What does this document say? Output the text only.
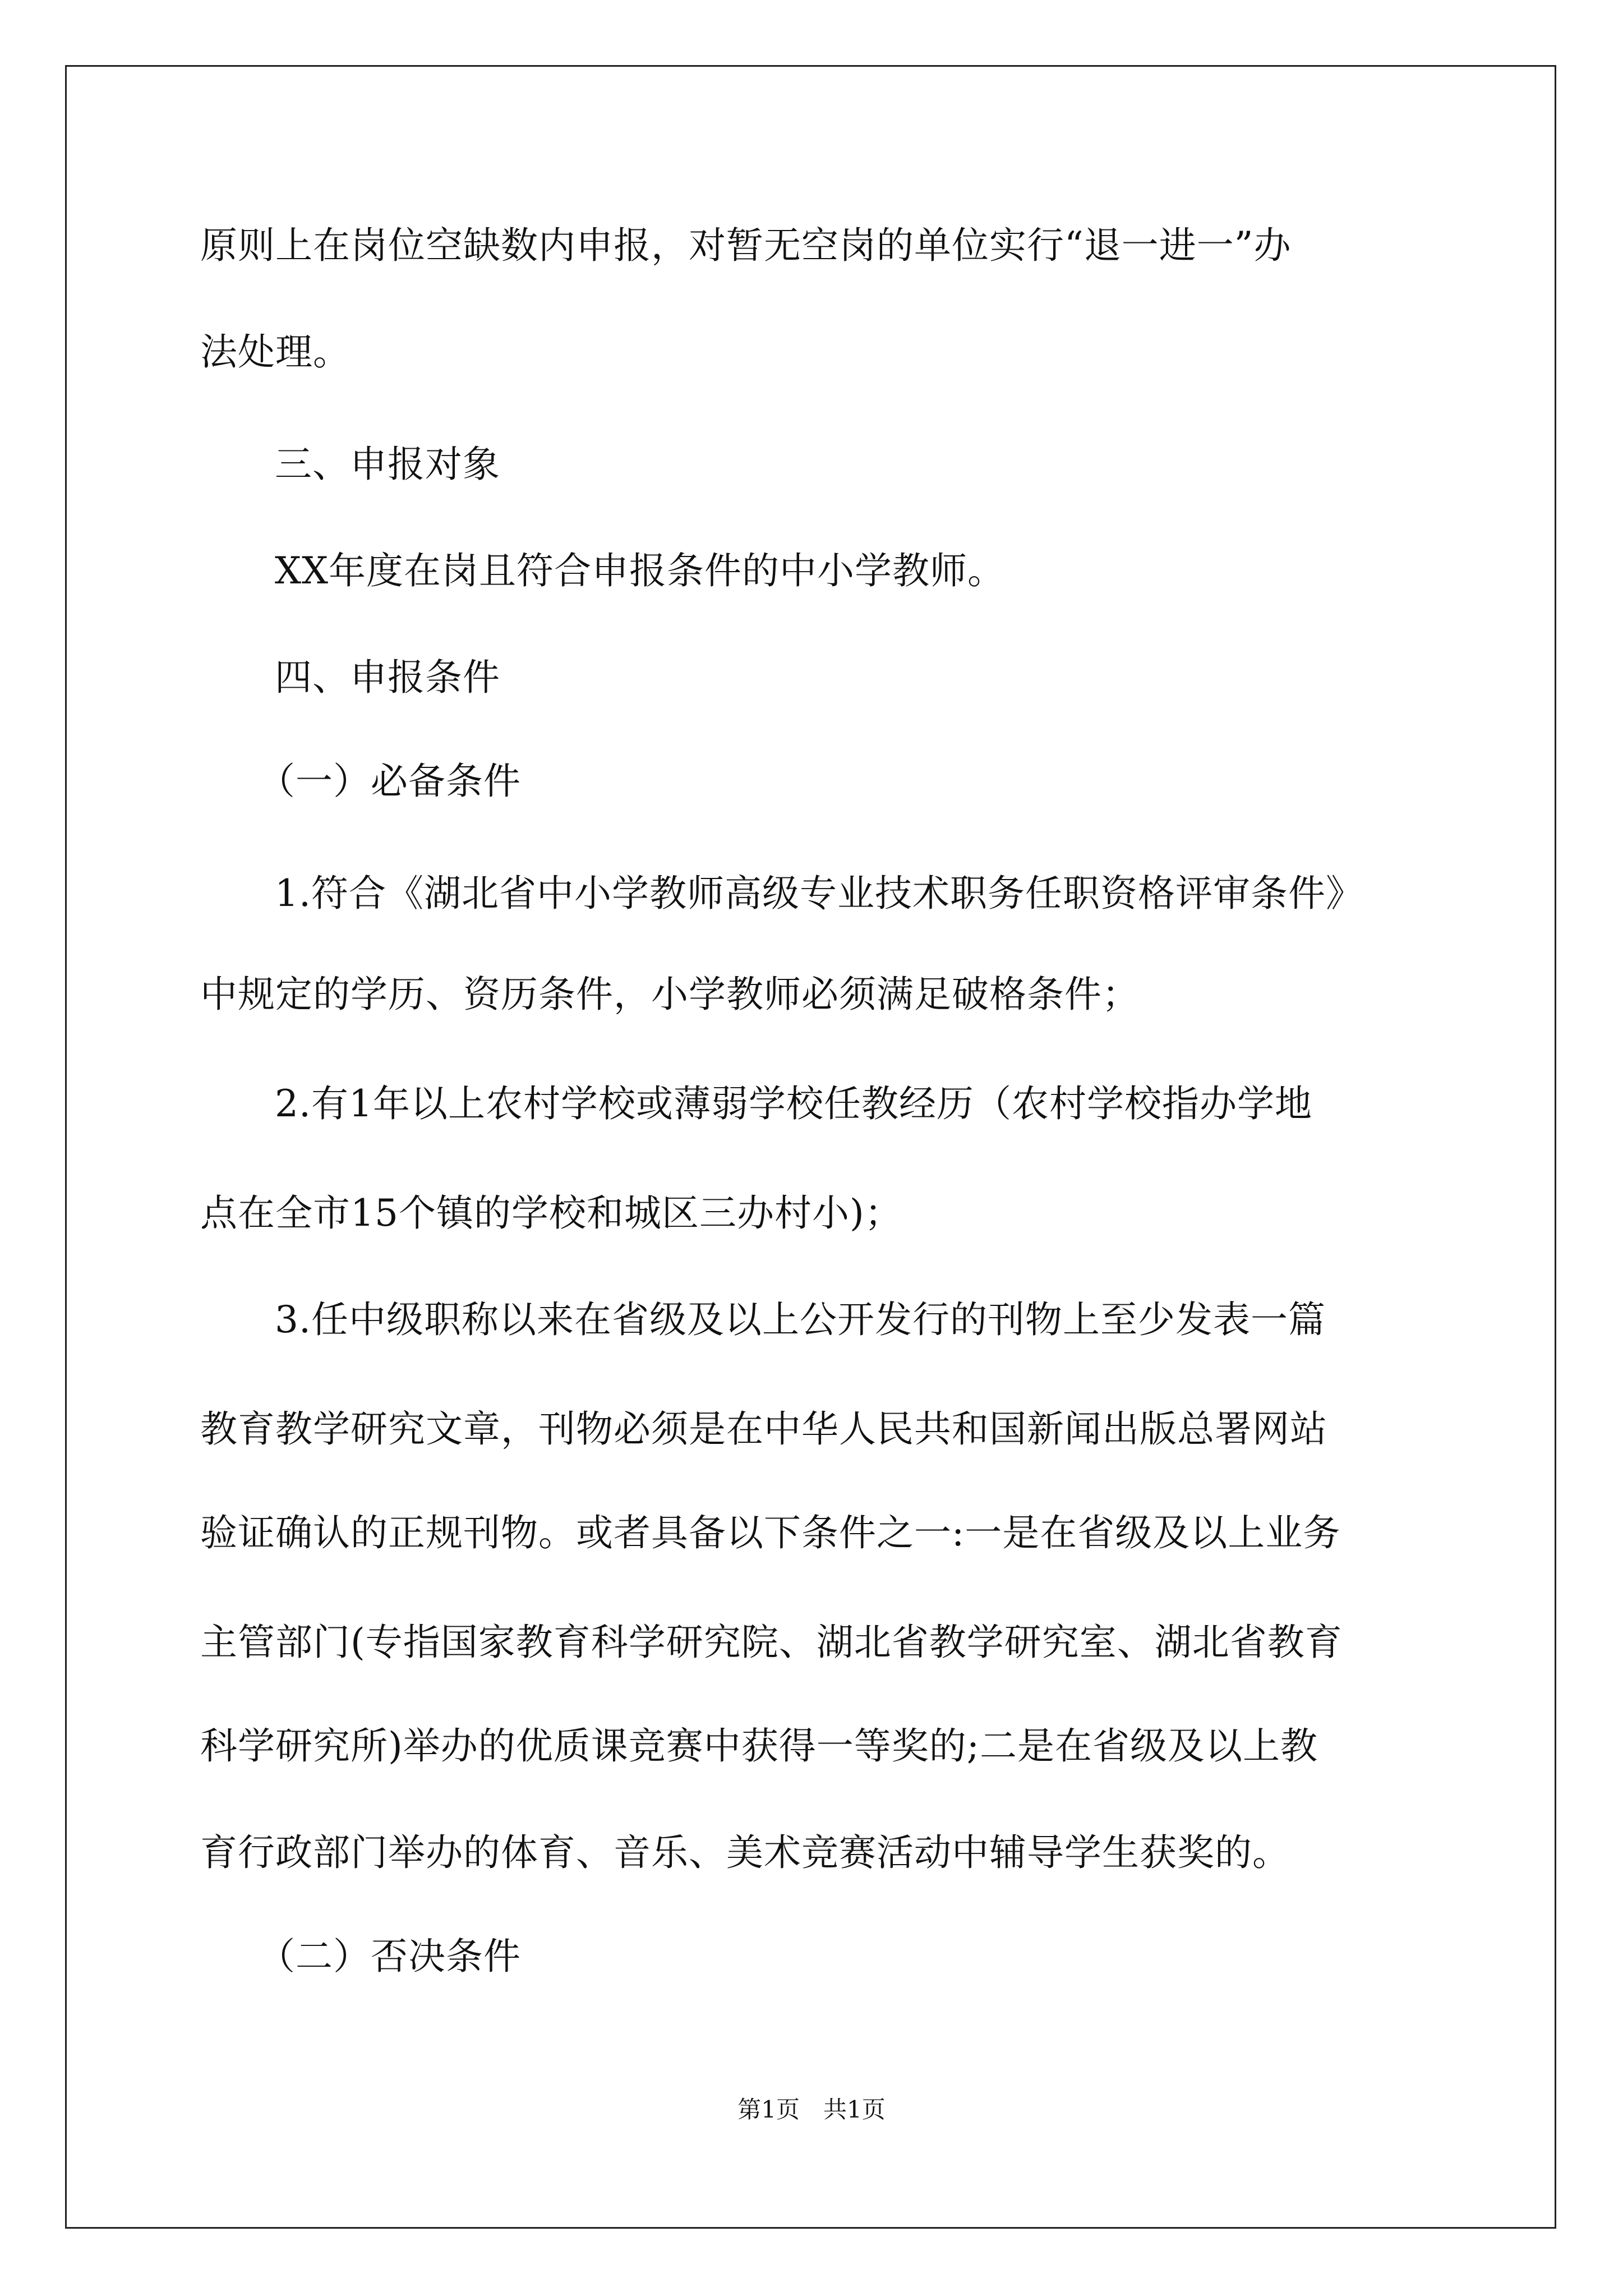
原则上在岗位空缺数内申报，对暂无空岗的单位实行“退一进一”办
法处理。
三、申报对象
XX年度在岗且符合申报条件的中小学教师。
四、申报条件
（一）必备条件
1.符合《湖北省中小学教师高级专业技术职务任职资格评审条件》
中规定的学历、资历条件，小学教师必须满足破格条件；
2.有1年以上农村学校或薄弱学校任教经历（农村学校指办学地
点在全市15个镇的学校和城区三办村小)；
3.任中级职称以来在省级及以上公开发行的刊物上至少发表一篇
教育教学研究文章，刊物必须是在中华人民共和国新闻出版总署网站
验证确认的正规刊物。或者具备以下条件之一:一是在省级及以上业务
主管部门(专指国家教育科学研究院、湖北省教学研究室、湖北省教育
科学研究所)举办的优质课竞赛中获得一等奖的;二是在省级及以上教
育行政部门举办的体育、音乐、美术竞赛活动中辅导学生获奖的。
（二）否决条件
第1页　共1页
